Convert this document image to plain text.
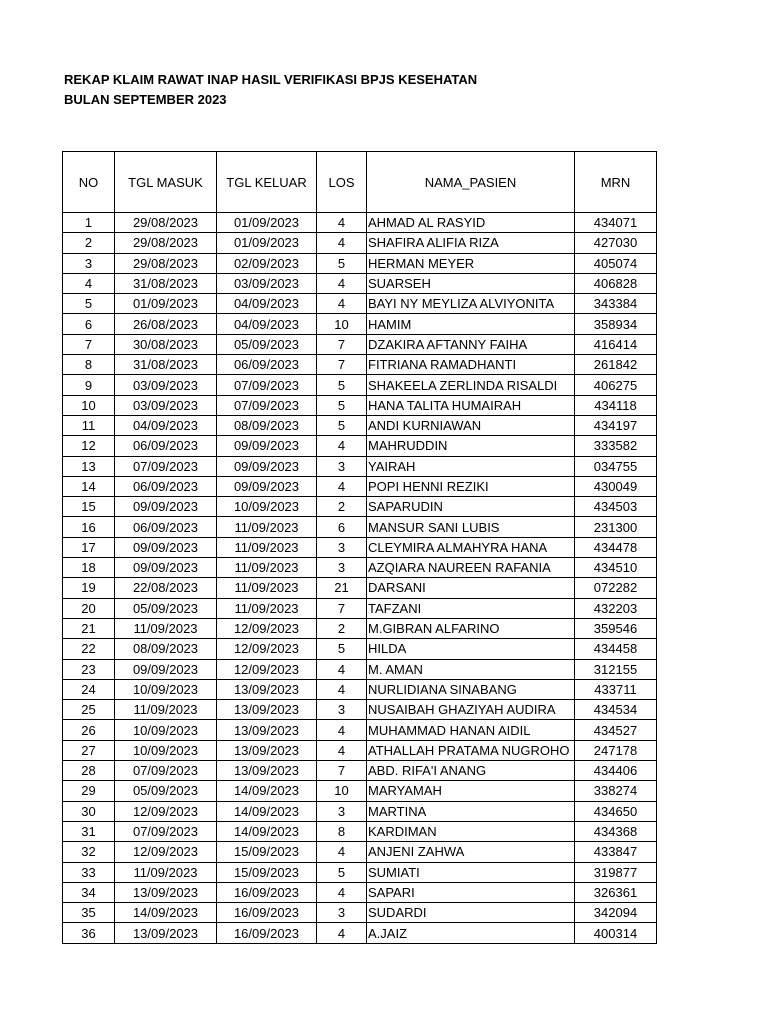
REKAP KLAIM RAWAT INAP HASIL VERIFIKASI BPJS KESEHATAN
BULAN SEPTEMBER 2023
NO	TGL MASUK	TGL KELUAR	LOS	NAMA_PASIEN	MRN
1	29/08/2023	01/09/2023	4	AHMAD AL RASYID	434071
2	29/08/2023	01/09/2023	4	SHAFIRA ALIFIA RIZA	427030
3	29/08/2023	02/09/2023	5	HERMAN MEYER	405074
4	31/08/2023	03/09/2023	4	SUARSEH	406828
5	01/09/2023	04/09/2023	4	BAYI NY MEYLIZA ALVIYONITA	343384
6	26/08/2023	04/09/2023	10	HAMIM	358934
7	30/08/2023	05/09/2023	7	DZAKIRA AFTANNY FAIHA	416414
8	31/08/2023	06/09/2023	7	FITRIANA RAMADHANTI	261842
9	03/09/2023	07/09/2023	5	SHAKEELA ZERLINDA RISALDI	406275
10	03/09/2023	07/09/2023	5	HANA TALITA HUMAIRAH	434118
11	04/09/2023	08/09/2023	5	ANDI KURNIAWAN	434197
12	06/09/2023	09/09/2023	4	MAHRUDDIN	333582
13	07/09/2023	09/09/2023	3	YAIRAH	034755
14	06/09/2023	09/09/2023	4	POPI HENNI REZIKI	430049
15	09/09/2023	10/09/2023	2	SAPARUDIN	434503
16	06/09/2023	11/09/2023	6	MANSUR SANI LUBIS	231300
17	09/09/2023	11/09/2023	3	CLEYMIRA ALMAHYRA HANA	434478
18	09/09/2023	11/09/2023	3	AZQIARA NAUREEN RAFANIA	434510
19	22/08/2023	11/09/2023	21	DARSANI	072282
20	05/09/2023	11/09/2023	7	TAFZANI	432203
21	11/09/2023	12/09/2023	2	M.GIBRAN ALFARINO	359546
22	08/09/2023	12/09/2023	5	HILDA	434458
23	09/09/2023	12/09/2023	4	M. AMAN	312155
24	10/09/2023	13/09/2023	4	NURLIDIANA SINABANG	433711
25	11/09/2023	13/09/2023	3	NUSAIBAH GHAZIYAH AUDIRA	434534
26	10/09/2023	13/09/2023	4	MUHAMMAD HANAN AIDIL	434527
27	10/09/2023	13/09/2023	4	ATHALLAH PRATAMA NUGROHO	247178
28	07/09/2023	13/09/2023	7	ABD. RIFA'I ANANG	434406
29	05/09/2023	14/09/2023	10	MARYAMAH	338274
30	12/09/2023	14/09/2023	3	MARTINA	434650
31	07/09/2023	14/09/2023	8	KARDIMAN	434368
32	12/09/2023	15/09/2023	4	ANJENI ZAHWA	433847
33	11/09/2023	15/09/2023	5	SUMIATI	319877
34	13/09/2023	16/09/2023	4	SAPARI	326361
35	14/09/2023	16/09/2023	3	SUDARDI	342094
36	13/09/2023	16/09/2023	4	A.JAIZ	400314
